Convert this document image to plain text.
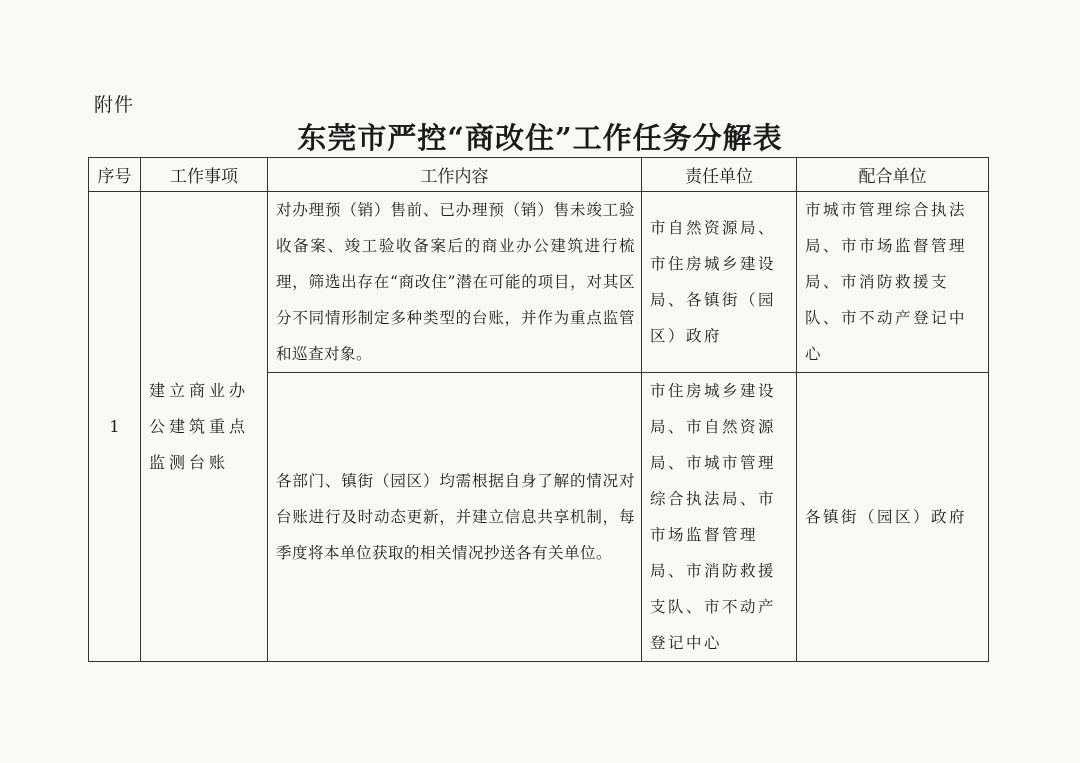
附件
东莞市严控“商改住”工作任务分解表
序号	工作事项	工作内容	责任单位	配合单位
1	建立商业办公建筑重点监测台账	对办理预（销）售前、已办理预（销）售未竣工验收备案、竣工验收备案后的商业办公建筑进行梳理，筛选出存在“商改住”潜在可能的项目，对其区分不同情形制定多种类型的台账，并作为重点监管和巡查对象。	市自然资源局、市住房城乡建设局、各镇街（园区）政府	市城市管理综合执法局、市市场监督管理局、市消防救援支队、市不动产登记中心
		各部门、镇街（园区）均需根据自身了解的情况对台账进行及时动态更新，并建立信息共享机制，每季度将本单位获取的相关情况抄送各有关单位。	市住房城乡建设局、市自然资源局、市城市管理综合执法局、市市场监督管理局、市消防救援支队、市不动产登记中心	各镇街（园区）政府
